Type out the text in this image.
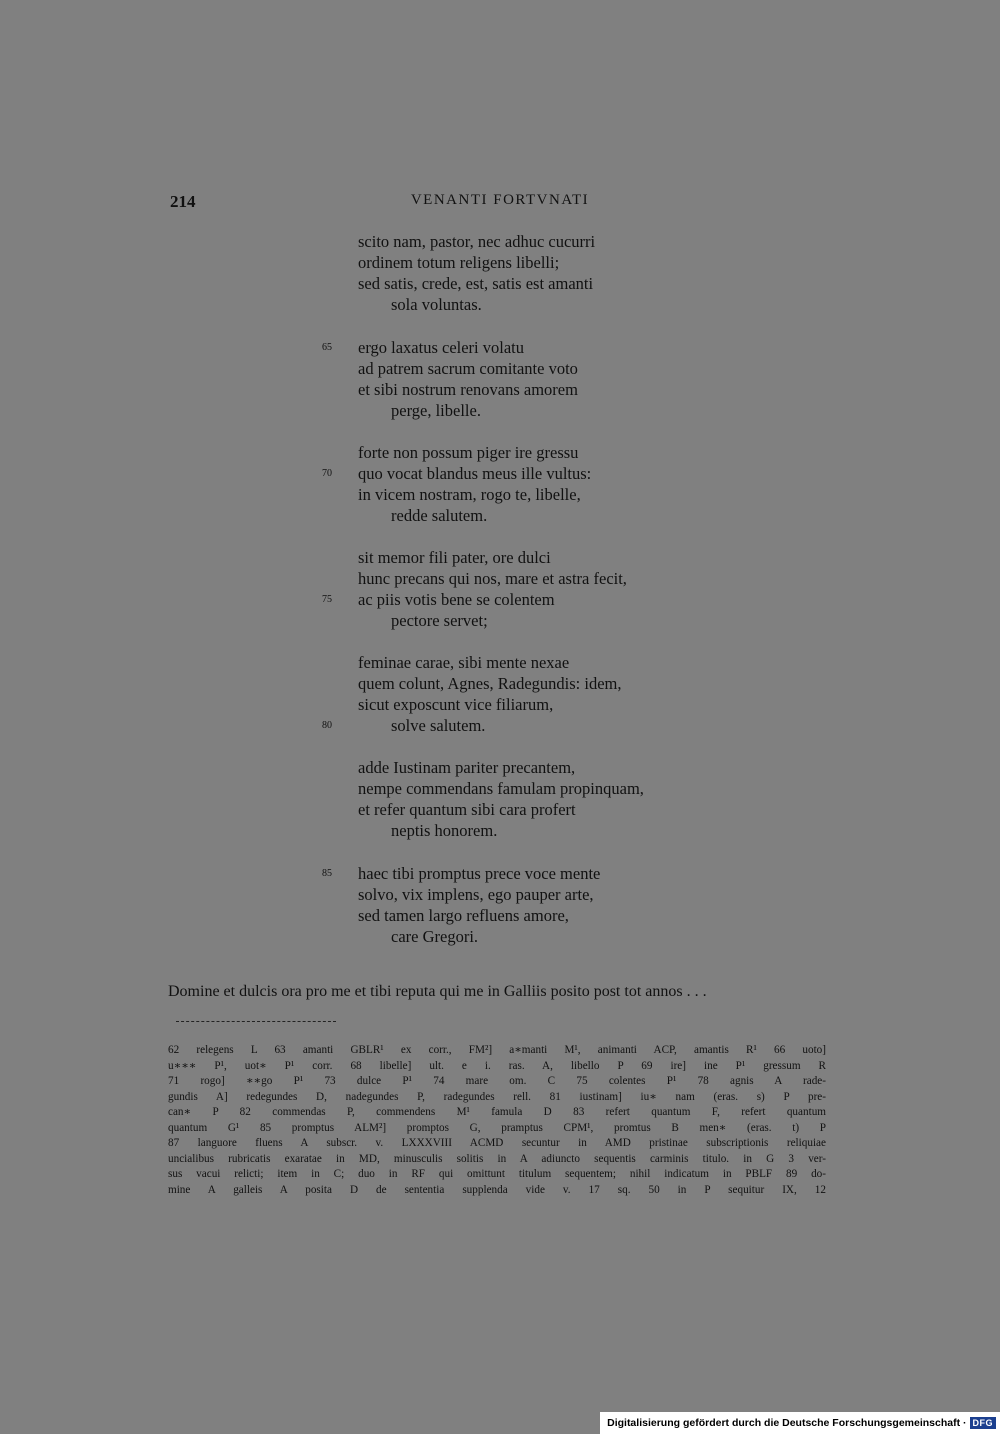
214	VENANTI FORTVNATI
scito nam, pastor, nec adhuc cucurri
ordinem totum religens libelli;
sed satis, crede, est, satis est amanti
sola voluntas.
ergo laxatus celeri volatu
65
ad patrem sacrum comitante voto
et sibi nostrum renovans amorem
perge, libelle.
forte non possum piger ire gressu
quo vocat blandus meus ille vultus:
70
in vicem nostram, rogo te, libelle,
redde salutem.
sit memor fili pater, ore dulci
hunc precans qui nos, mare et astra fecit,
ac piis votis bene se colentem
75
pectore servet;
feminae carae, sibi mente nexae
quem colunt, Agnes, Radegundis: idem,
sicut exposcunt vice filiarum,
solve salutem.
80
adde Iustinam pariter precantem,
nempe commendans famulam propinquam,
et refer quantum sibi cara profert
neptis honorem.
haec tibi promptus prece voce mente
85
solvo, vix implens, ego pauper arte,
sed tamen largo refluens amore,
care Gregori.
Domine et dulcis ora pro me et tibi reputa qui me in Galliis posito post tot annos . . .
62 relegens L 63 amanti GBLR¹ ex corr., FM²] a∗manti M¹, animanti ACP, amantis R¹ 66 uoto]
u∗∗∗ P¹, uot∗ P¹ corr. 68 libelle] ult. e i. ras. A, libello P 69 ire] ine P¹ gressum R
71 rogo] ∗∗go P¹ 73 dulce P¹ 74 mare om. C 75 colentes P¹ 78 agnis A rade-
gundis A] redegundes D, nadegundes P, radegundes rell. 81 iustinam] iu∗ nam (eras. s) P pre-
can∗ P 82 commendas P, commendens M¹ famula D 83 refert quantum F, refert quantum
quantum G¹ 85 promptus ALM²] promptos G, pramptus CPM¹, promtus B men∗ (eras. t) P
87 languore fluens A subscr. v. LXXXVIII ACMD secuntur in AMD pristinae subscriptionis reliquiae
uncialibus rubricatis exaratae in MD, minusculis solitis in A adiuncto sequentis carminis titulo. in G 3 ver-
sus vacui relicti; item in C; duo in RF qui omittunt titulum sequentem; nihil indicatum in PBLF 89 do-
mine A galleis A posita D de sententia supplenda vide v. 17 sq. 50 in P sequitur IX, 12
Digitalisierung gefördert durch die Deutsche Forschungsgemeinschaft · DFG
